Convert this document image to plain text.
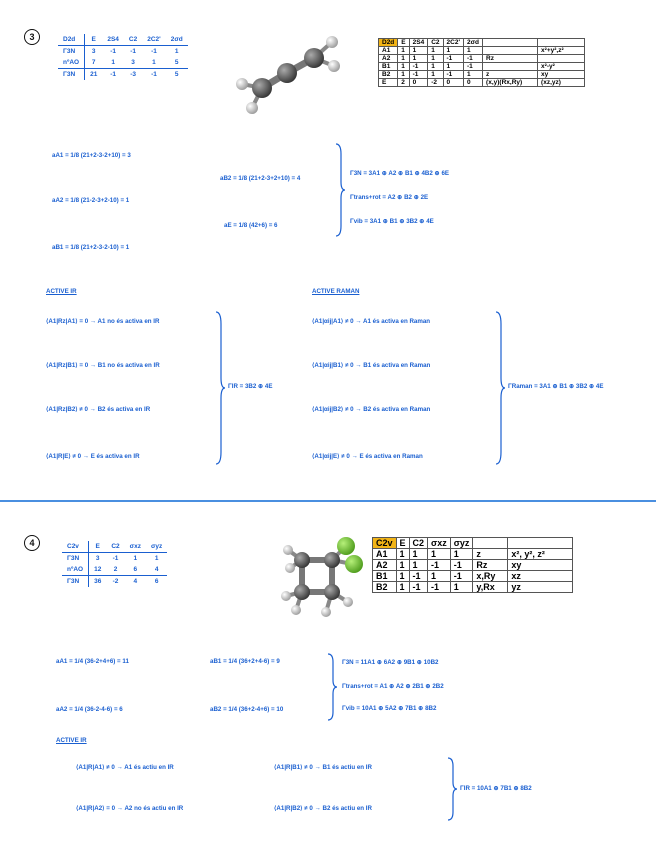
3	D2d	E	2S4	C2	2C2'	2σd
Γ3N	3	-1	-1	-1	1
nºAO	7	1	3	1	5
Γ3N	21	-1	-3	-1	5
D2d	E	2S4	C2	2C2'	2σd		
A1	1	1	1	1	1		x²+y²,z²
A2	1	1	1	-1	-1	Rz	
B1	1	-1	1	1	-1		x²-y²
B2	1	-1	1	-1	1	z	xy
E	2	0	-2	0	0	(x,y)(Rx,Ry)	(xz,yz)
aA1 = 1/8 (21+2-3-2+10) = 3
aA2 = 1/8 (21-2-3+2-10) = 1
aB1 = 1/8 (21+2-3-2-10) = 1
aB2 = 1/8 (21+2-3+2+10) = 4
aE = 1/8 (42+6) = 6
Γ3N = 3A1 ⊕ A2 ⊕ B1 ⊕ 4B2 ⊕ 6E
Γtrans+rot = A2 ⊕ B2 ⊕ 2E
Γvib = 3A1 ⊕ B1 ⊕ 3B2 ⊕ 4E
ACTIVE IR
⟨A1|Rz|A1⟩ = 0 → A1 no és activa en IR
⟨A1|Rz|B1⟩ = 0 → B1 no és activa en IR
⟨A1|Rz|B2⟩ ≠ 0 → B2 és activa en IR
⟨A1|R|E⟩ ≠ 0 → E és activa en IR
ΓIR = 3B2 ⊕ 4E
ACTIVE RAMAN
⟨A1|αij|A1⟩ ≠ 0 → A1 és activa en Raman
⟨A1|αij|B1⟩ ≠ 0 → B1 és activa en Raman
⟨A1|αij|B2⟩ ≠ 0 → B2 és activa en Raman
⟨A1|αij|E⟩ ≠ 0 → E és activa en Raman
ΓRaman = 3A1 ⊕ B1 ⊕ 3B2 ⊕ 4E
4	C2v	E	C2	σxz	σyz
Γ3N	3	-1	1	1
nºAO	12	2	6	4
Γ3N	36	-2	4	6
C2v	E	C2	σxz	σyz		
A1	1	1	1	1	z	x², y², z²
A2	1	1	-1	-1	Rz	xy
B1	1	-1	1	-1	x,Ry	xz
B2	1	-1	-1	1	y,Rx	yz
aA1 = 1/4 (36-2+4+6) = 11
aA2 = 1/4 (36-2-4-6) = 6
aB1 = 1/4 (36+2+4-6) = 9
aB2 = 1/4 (36+2-4+6) = 10
Γ3N = 11A1 ⊕ 6A2 ⊕ 9B1 ⊕ 10B2
Γtrans+rot = A1 ⊕ A2 ⊕ 2B1 ⊕ 2B2
Γvib = 10A1 ⊕ 5A2 ⊕ 7B1 ⊕ 8B2
ACTIVE IR
⟨A1|R|A1⟩ ≠ 0 → A1 és actiu en IR
⟨A1|R|A2⟩ = 0 → A2 no és actiu en IR
⟨A1|R|B1⟩ ≠ 0 → B1 és actiu en IR
⟨A1|R|B2⟩ ≠ 0 → B2 és actiu en IR
ΓIR = 10A1 ⊕ 7B1 ⊕ 8B2
